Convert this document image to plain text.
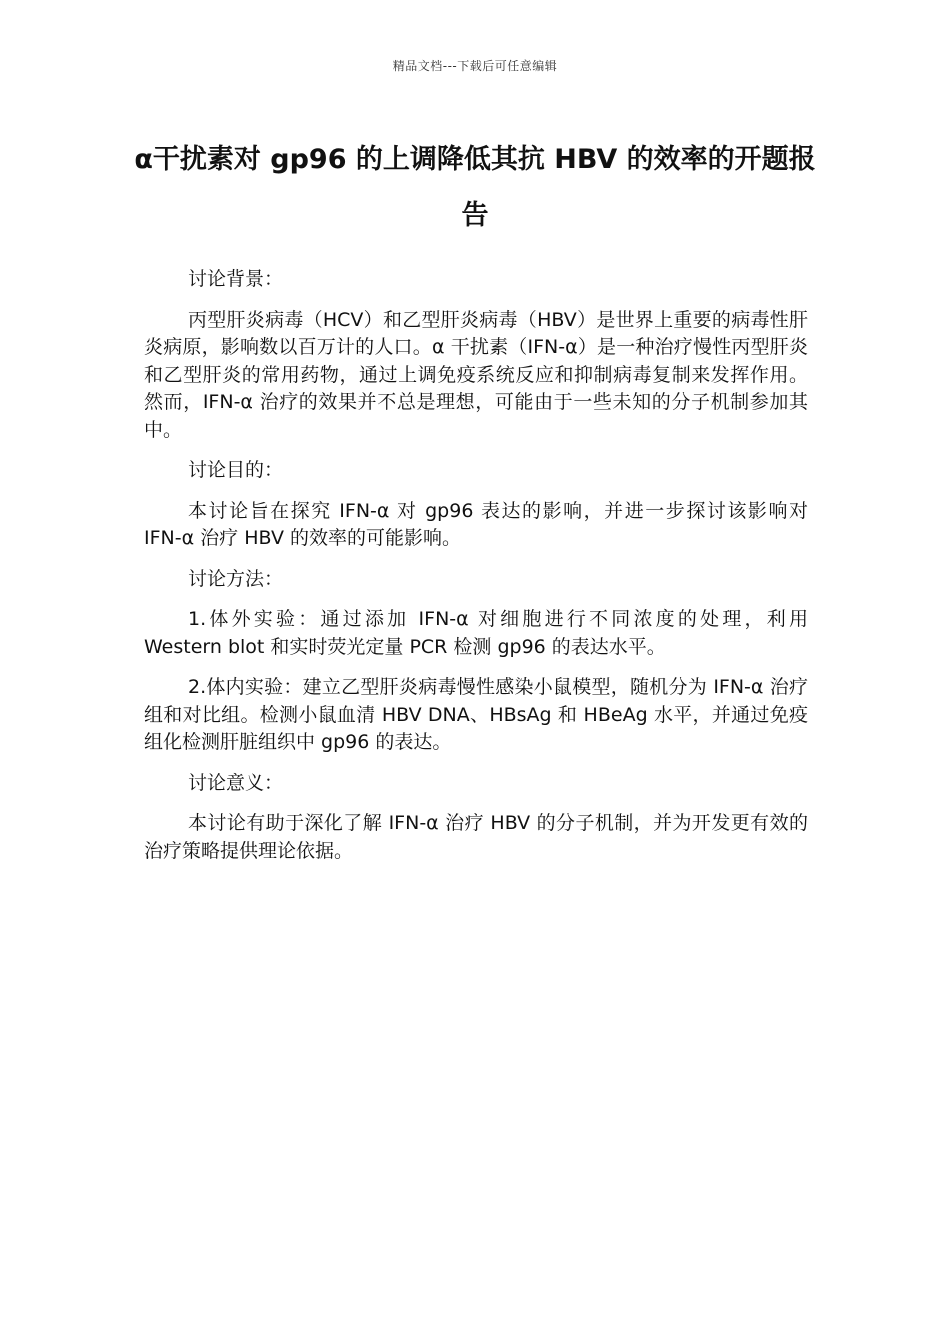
精品文档---下载后可任意编辑
α干扰素对 gp96 的上调降低其抗 HBV 的效率的开题报告

讨论背景：

丙型肝炎病毒（HCV）和乙型肝炎病毒（HBV）是世界上重要的病毒性肝炎病原，影响数以百万计的人口。α 干扰素（IFN-α）是一种治疗慢性丙型肝炎和乙型肝炎的常用药物，通过上调免疫系统反应和抑制病毒复制来发挥作用。然而，IFN-α 治疗的效果并不总是理想，可能由于一些未知的分子机制参加其中。

讨论目的：

本讨论旨在探究 IFN-α 对 gp96 表达的影响，并进一步探讨该影响对 IFN-α 治疗 HBV 的效率的可能影响。

讨论方法：

1.体外实验：通过添加 IFN-α 对细胞进行不同浓度的处理，利用 Western blot 和实时荧光定量 PCR 检测 gp96 的表达水平。

2.体内实验：建立乙型肝炎病毒慢性感染小鼠模型，随机分为 IFN-α 治疗组和对比组。检测小鼠血清 HBV DNA、HBsAg 和 HBeAg 水平，并通过免疫组化检测肝脏组织中 gp96 的表达。

讨论意义：

本讨论有助于深化了解 IFN-α 治疗 HBV 的分子机制，并为开发更有效的治疗策略提供理论依据。
